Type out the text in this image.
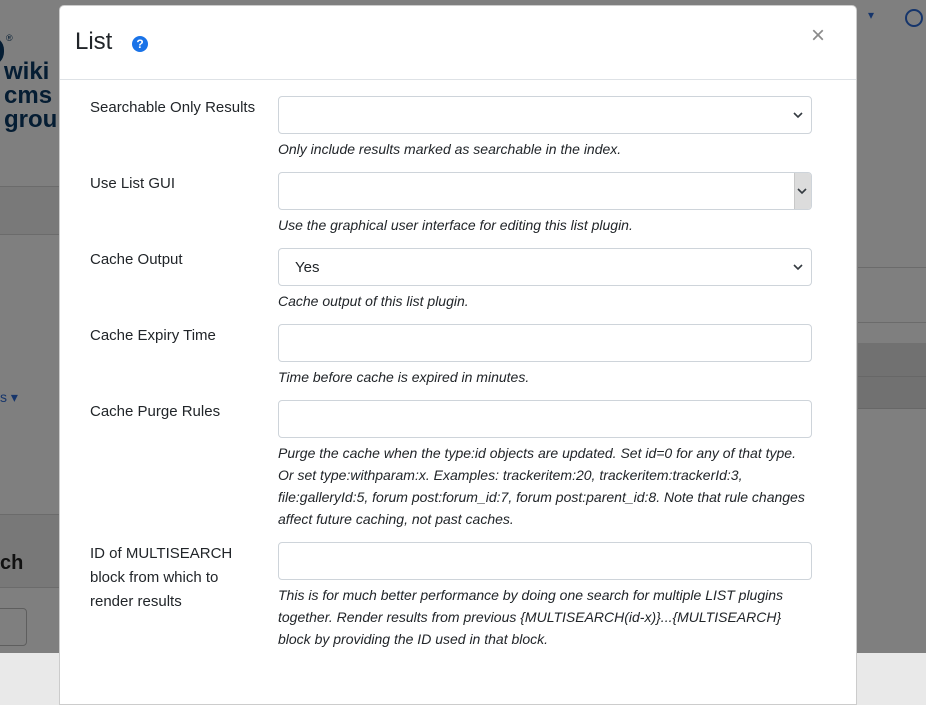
List	?	×
Searchable Only Results
Only include results marked as searchable in the index.
Use List GUI
Use the graphical user interface for editing this list plugin.
Cache Output	Yes
Cache output of this list plugin.
Cache Expiry Time
Time before cache is expired in minutes.
Cache Purge Rules
Purge the cache when the type:id objects are updated. Set id=0 for any of that type. Or set type:withparam:x. Examples: trackeritem:20, trackeritem:trackerId:3, file:galleryId:5, forum post:forum_id:7, forum post:parent_id:8. Note that rule changes affect future caching, not past caches.
ID of MULTISEARCH block from which to render results	This is for much better performance by doing one search for multiple LIST plugins together. Render results from previous {MULTISEARCH(id-x)}...{MULTISEARCH} block by providing the ID used in that block.
